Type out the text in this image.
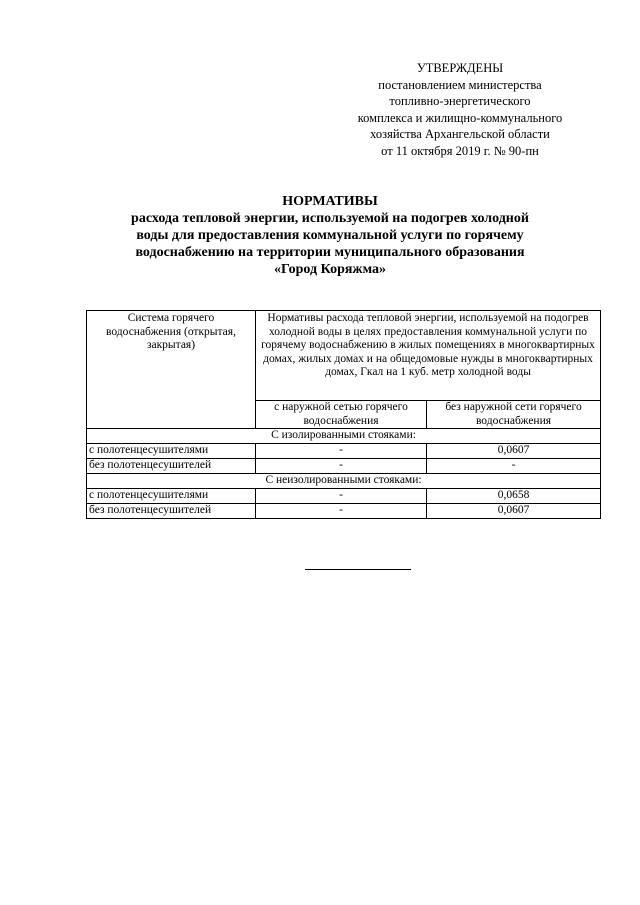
УТВЕРЖДЕНЫ
постановлением министерства
топливно-энергетического
комплекса и жилищно-коммунального
хозяйства Архангельской области
от 11 октября 2019 г. № 90-пн
НОРМАТИВЫ
расхода тепловой энергии, используемой на подогрев холодной
воды для предоставления коммунальной услуги по горячему
водоснабжению на территории муниципального образования
«Город Коряжма»
Система горячего водоснабжения (открытая, закрытая)	Нормативы расхода тепловой энергии, используемой на подогрев холодной воды в целях предоставления коммунальной услуги по горячему водоснабжению в жилых помещениях в многоквартирных домах, жилых домах и на общедомовые нужды в многоквартирных домах, Гкал на 1 куб. метр холодной воды	
	с наружной сетью горячего водоснабжения	без наружной сети горячего водоснабжения
С изолированными стояками:		
с полотенцесушителями	-	0,0607
без полотенцесушителей	-	-
С неизолированными стояками:		
с полотенцесушителями	-	0,0658
без полотенцесушителей	-	0,0607
